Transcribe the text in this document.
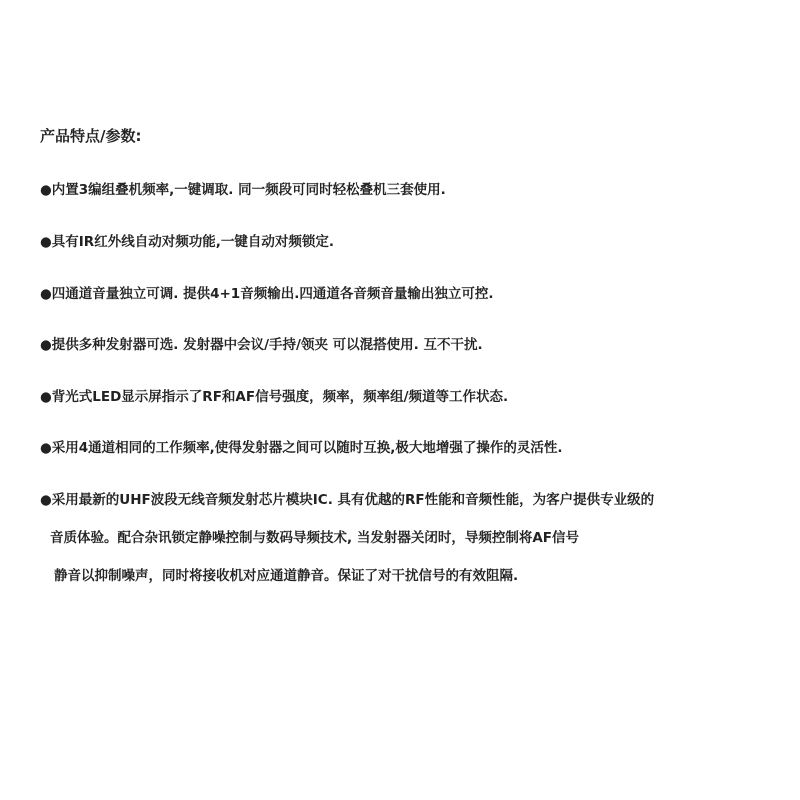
产品特点/参数:
●内置3编组叠机频率,一键调取. 同一频段可同时轻松叠机三套使用.
●具有IR红外线自动对频功能,一键自动对频锁定.
●四通道音量独立可调. 提供4+1音频输出.四通道各音频音量输出独立可控.
●提供多种发射器可选. 发射器中会议/手持/领夹 可以混搭使用. 互不干扰.
●背光式LED显示屏指示了RF和AF信号强度，频率，频率组/频道等工作状态.
●采用4通道相同的工作频率,使得发射器之间可以随时互换,极大地增强了操作的灵活性.
●采用最新的UHF波段无线音频发射芯片模块IC. 具有优越的RF性能和音频性能，为客户提供专业级的
音质体验。配合杂讯锁定静噪控制与数码导频技术, 当发射器关闭时，导频控制将AF信号
静音以抑制噪声，同时将接收机对应通道静音。保证了对干扰信号的有效阻隔.
